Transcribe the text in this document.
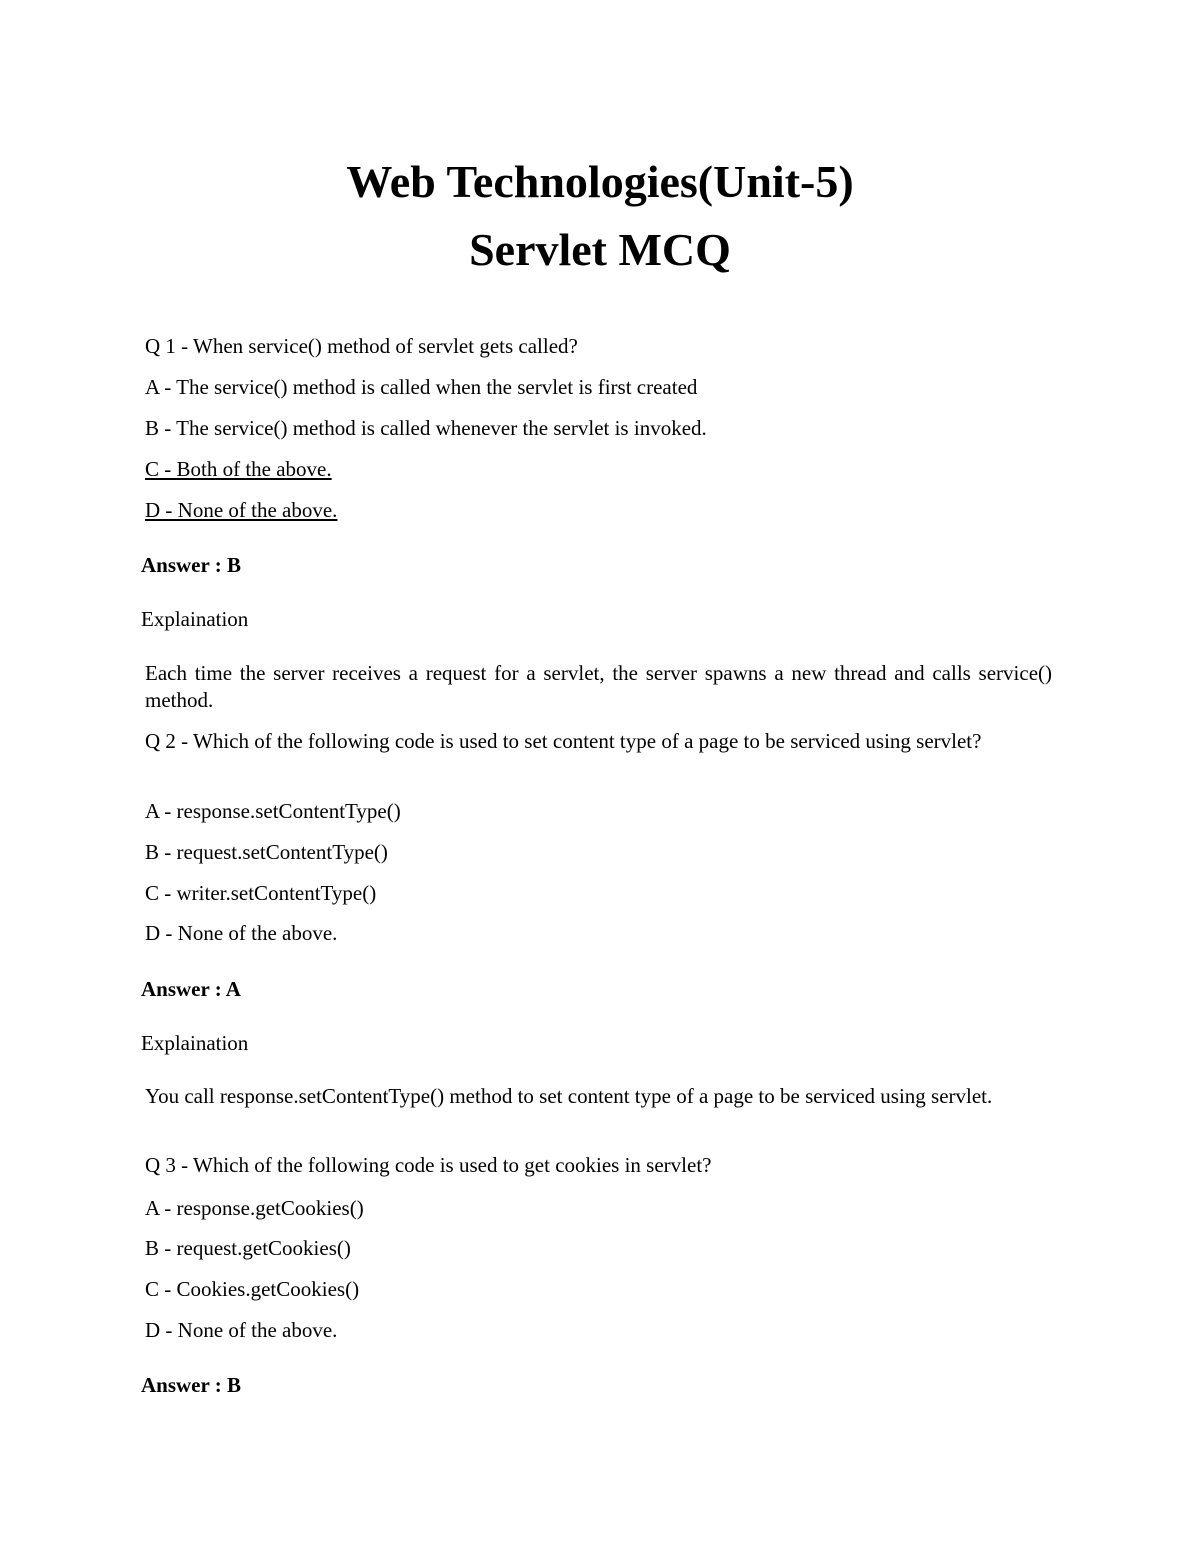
Web Technologies(Unit-5)
Servlet MCQ

Q 1 - When service() method of servlet gets called?

A - The service() method is called when the servlet is first created

B - The service() method is called whenever the servlet is invoked.

C - Both of the above.

D - None of the above.

Answer : B

Explaination

Each time the server receives a request for a servlet, the server spawns a new thread and calls service() method.

Q 2 - Which of the following code is used to set content type of a page to be serviced using servlet?

A - response.setContentType()

B - request.setContentType()

C - writer.setContentType()

D - None of the above.

Answer : A

Explaination

You call response.setContentType() method to set content type of a page to be serviced using servlet.

Q 3 - Which of the following code is used to get cookies in servlet?

A - response.getCookies()

B - request.getCookies()

C - Cookies.getCookies()

D - None of the above.

Answer : B
